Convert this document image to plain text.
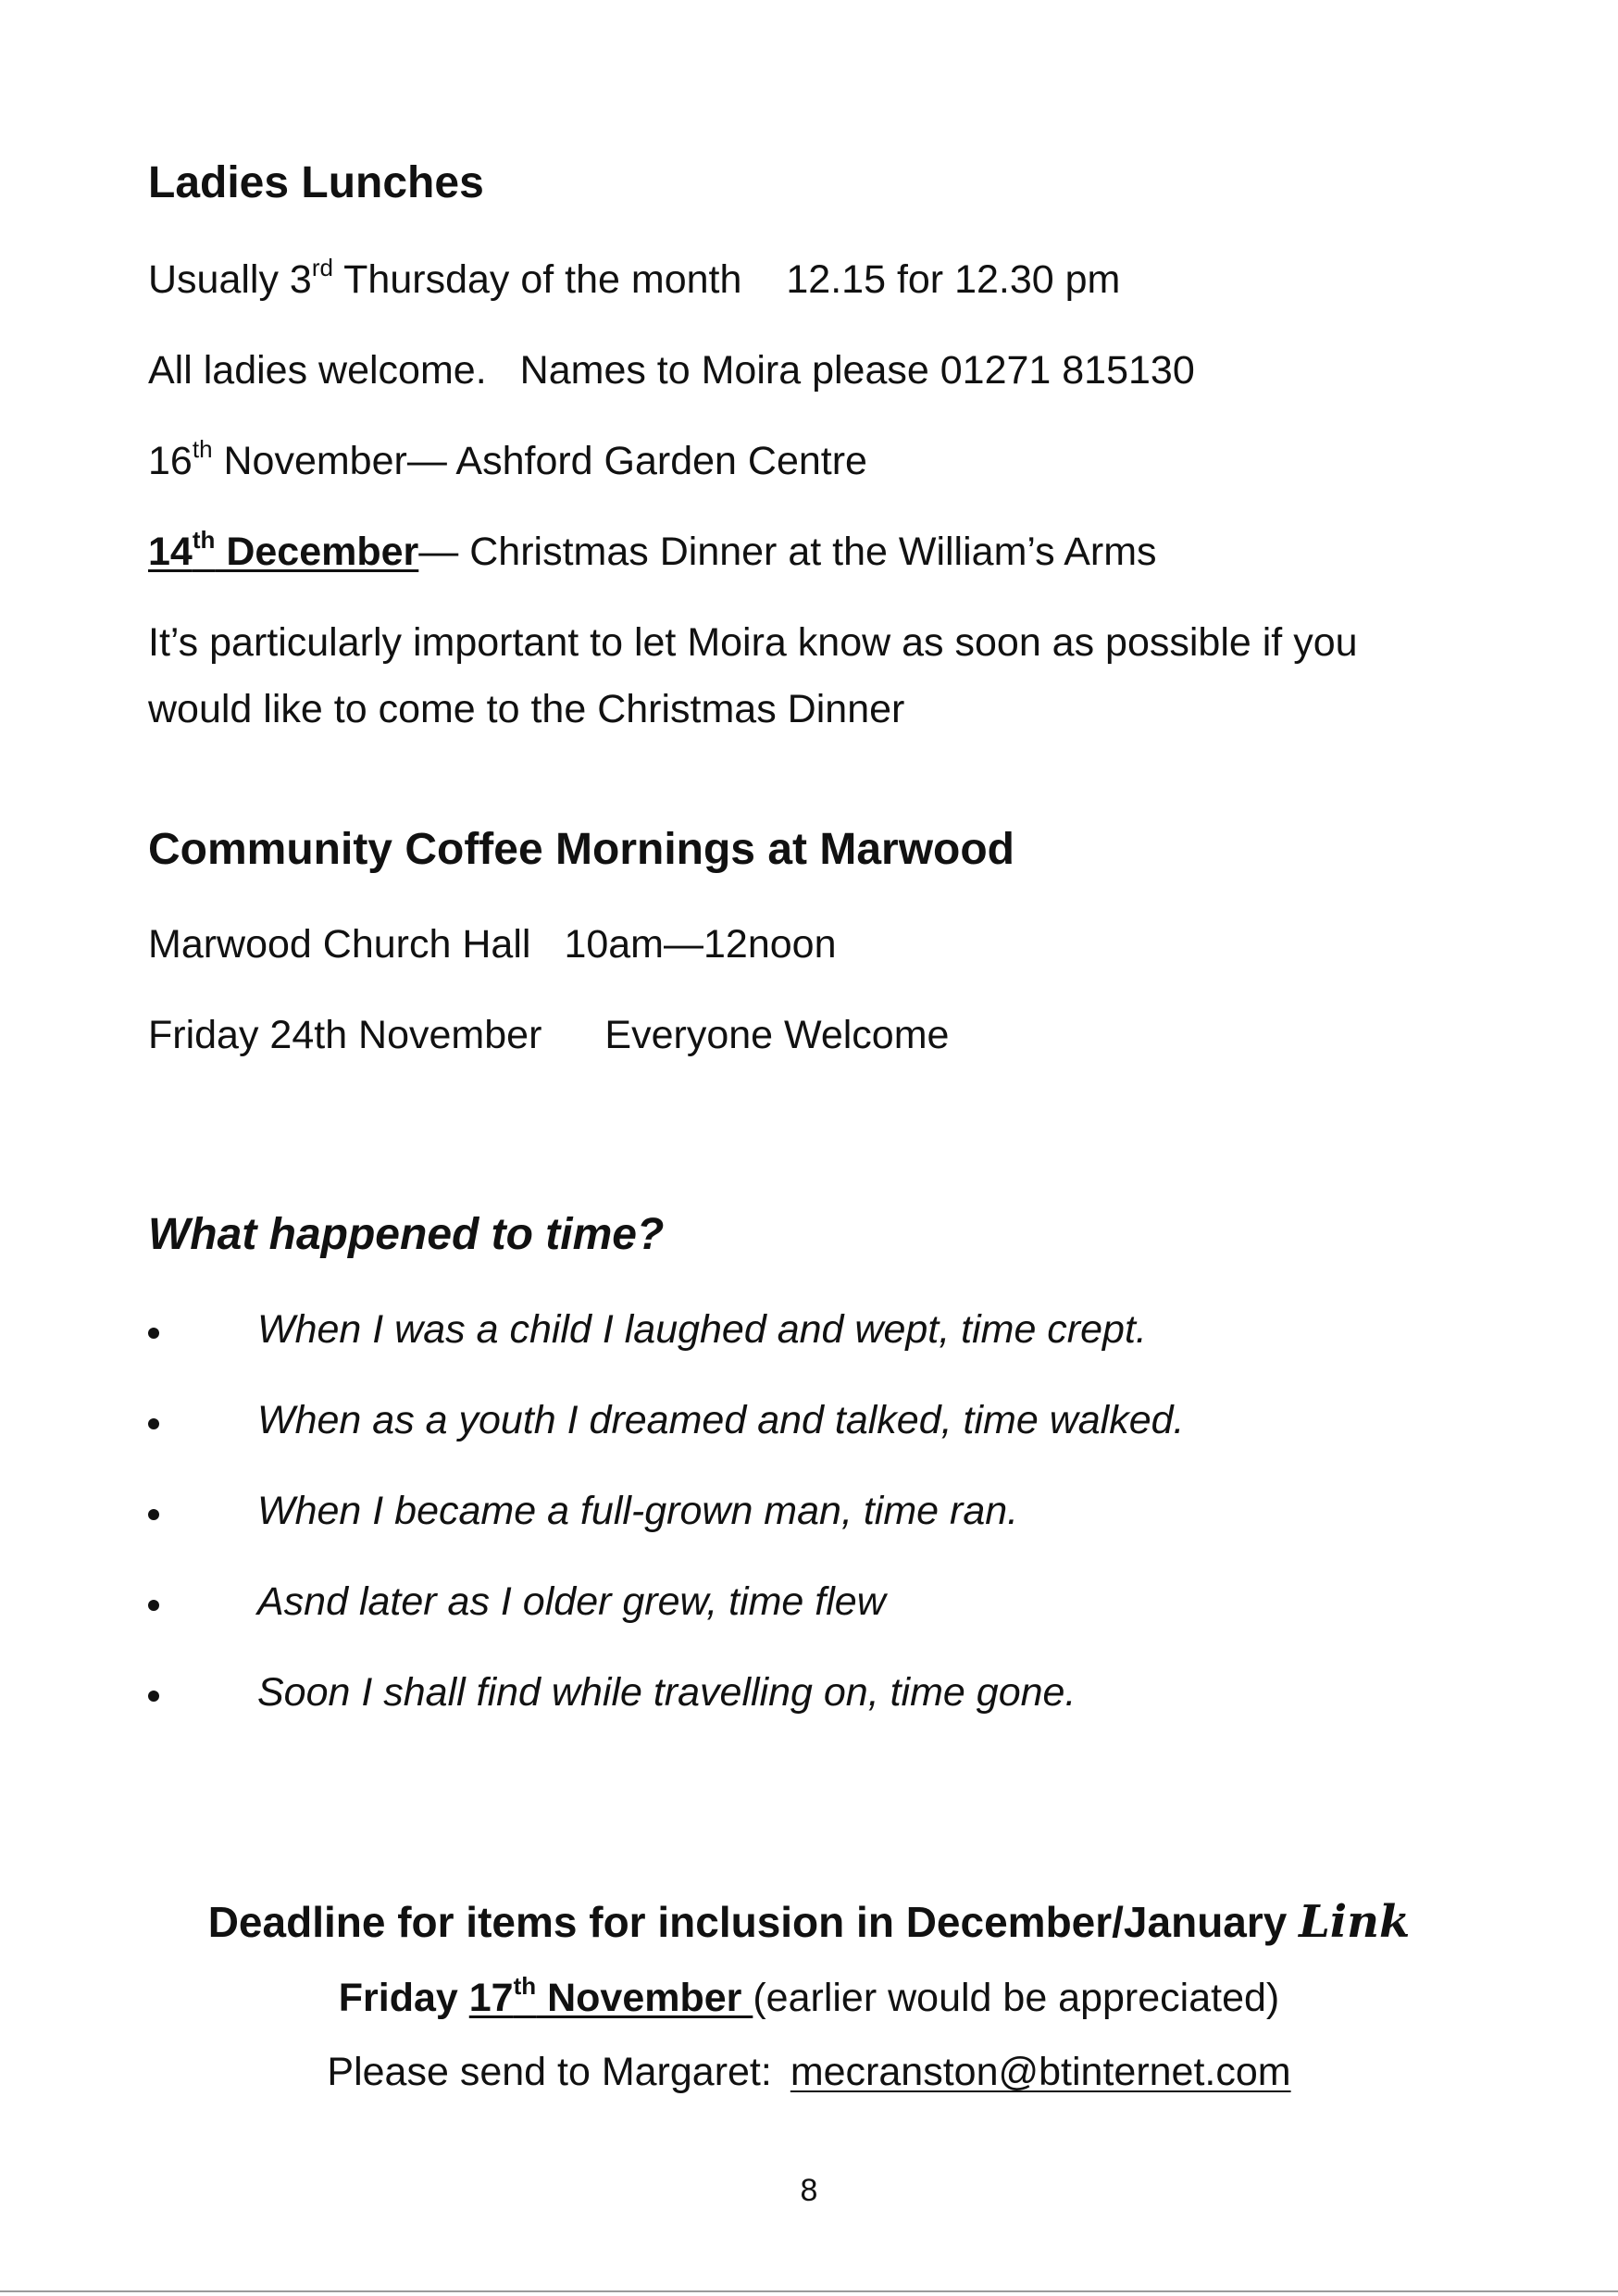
Ladies Lunches

Usually 3rd Thursday of the month 12.15 for 12.30 pm

All ladies welcome. Names to Moira please 01271 815130

16th November— Ashford Garden Centre

14th December— Christmas Dinner at the William’s Arms

It’s particularly important to let Moira know as soon as possible if you

would like to come to the Christmas Dinner

Community Coffee Mornings at Marwood

Marwood Church Hall 10am—12noon

Friday 24th November Everyone Welcome

What happened to time?

When I was a child I laughed and wept, time crept.

When as a youth I dreamed and talked, time walked.

When I became a full-grown man, time ran.

Asnd later as I older grew, time flew

Soon I shall find while travelling on, time gone.

Deadline for items for inclusion in December/January Link

Friday 17th November (earlier would be appreciated)

Please send to Margaret: mecranston@btinternet.com

8
